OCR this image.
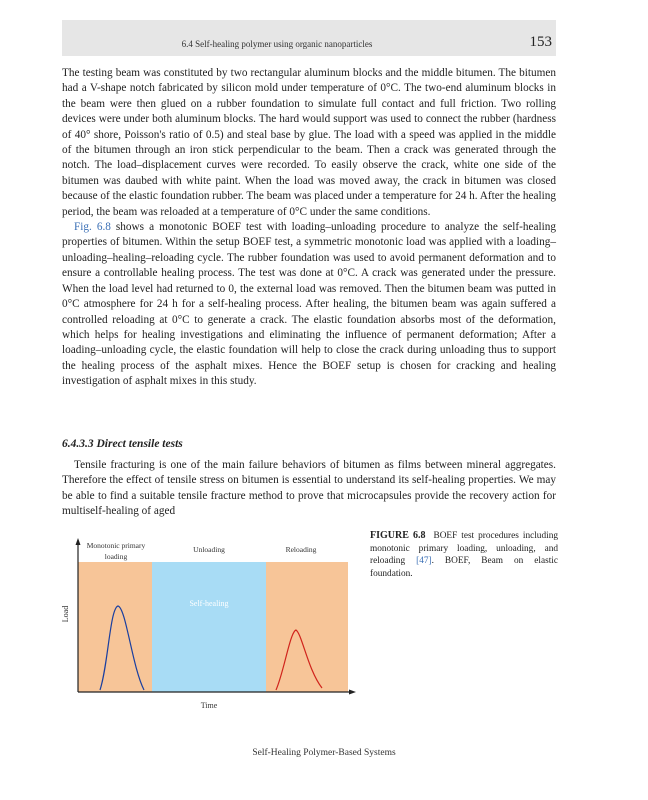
6.4 Self-healing polymer using organic nanoparticles	153

The testing beam was constituted by two rectangular aluminum blocks and the middle bitumen. The bitumen had a V-shape notch fabricated by silicon mold under temperature of 0°C. The two-end aluminum blocks in the beam were then glued on a rubber foundation to simulate full contact and full friction. Two rolling devices were under both aluminum blocks. The hard would support was used to connect the rubber (hardness of 40° shore, Poisson's ratio of 0.5) and steal base by glue. The load with a speed was applied in the middle of the bitumen through an iron stick perpendicular to the beam. Then a crack was generated through the notch. The load–displacement curves were recorded. To easily observe the crack, white one side of the bitumen was daubed with white paint. When the load was moved away, the crack in bitumen was closed because of the elastic foundation rubber. The beam was placed under a temperature for 24 h. After the healing period, the beam was reloaded at a temperature of 0°C under the same conditions.

Fig. 6.8 shows a monotonic BOEF test with loading–unloading procedure to analyze the self-healing properties of bitumen. Within the setup BOEF test, a symmetric monotonic load was applied with a loading–unloading–healing–reloading cycle. The rubber foundation was used to avoid permanent deformation and to ensure a controllable healing process. The test was done at 0°C. A crack was generated under the pressure. When the load level had returned to 0, the external load was removed. Then the bitumen beam was putted in 0°C atmosphere for 24 h for a self-healing process. After healing, the bitumen beam was again suffered a controlled reloading at 0°C to generate a crack. The elastic foundation absorbs most of the deformation, which helps for healing investigations and eliminating the influence of permanent deformation; After a loading–unloading cycle, the elastic foundation will help to close the crack during unloading thus to support the healing process of the asphalt mixes. Hence the BOEF setup is chosen for cracking and healing investigation of asphalt mixes in this study.

6.4.3.3 Direct tensile tests

Tensile fracturing is one of the main failure behaviors of bitumen as films between mineral aggregates. Therefore the effect of tensile stress on bitumen is essential to understand its self-healing properties. We may be able to find a suitable tensile fracture method to prove that microcapsules provide the recovery action for multiself-healing of aged

Monotonic primary
loading
Unloading	Reloading
Self-healing
Load
Time
FIGURE 6.8 BOEF test procedures including monotonic primary loading, unloading, and reloading [47]. BOEF, Beam on elastic foundation.
Self-Healing Polymer-Based Systems
